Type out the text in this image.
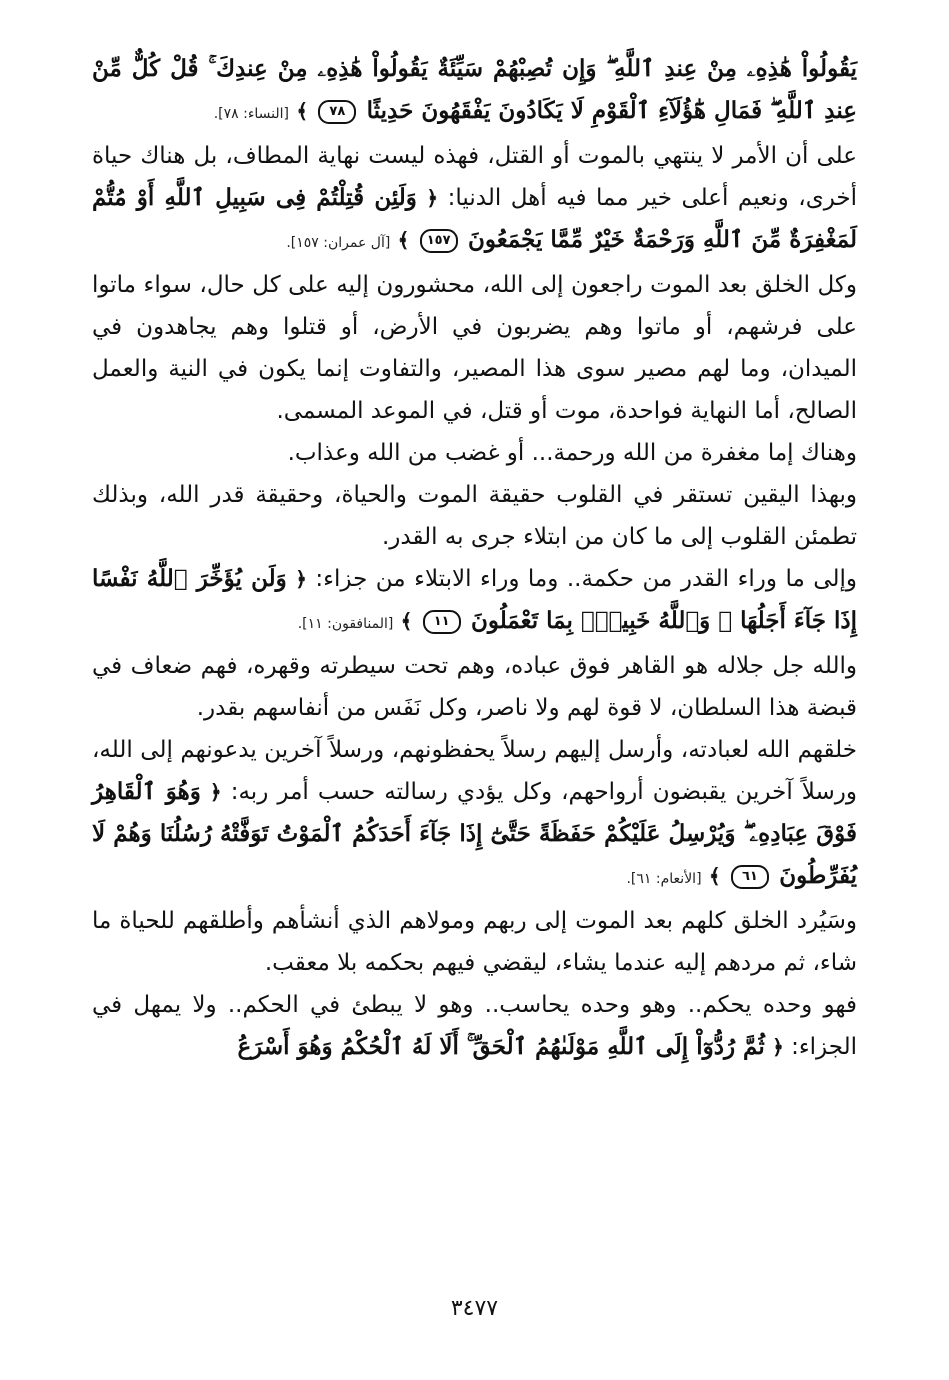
يَقُولُواْ هَٰذِهِۦ مِنْ عِندِ ٱللَّهِ ۖ وَإِن تُصِبْهُمْ سَيِّئَةٌ يَقُولُواْ هَٰذِهِۦ مِنْ عِندِكَ ۚ قُلْ كُلٌّ مِّنْ عِندِ ٱللَّهِ ۖ فَمَالِ هَٰٓؤُلَآءِ ٱلْقَوْمِ لَا يَكَادُونَ يَفْقَهُونَ حَدِيثًا ٧٨ ﴾ [النساء: ٧٨].

على أن الأمر لا ينتهي بالموت أو القتل، فهذه ليست نهاية المطاف، بل هناك حياة أخرى، ونعيم أعلى خير مما فيه أهل الدنيا: ﴿ وَلَئِن قُتِلْتُمْ فِى سَبِيلِ ٱللَّهِ أَوْ مُتُّمْ لَمَغْفِرَةٌ مِّنَ ٱللَّهِ وَرَحْمَةٌ خَيْرٌ مِّمَّا يَجْمَعُونَ ١٥٧ ﴾ [آل عمران: ١٥٧].

وكل الخلق بعد الموت راجعون إلى الله، محشورون إليه على كل حال، سواء ماتوا على فرشهم، أو ماتوا وهم يضربون في الأرض، أو قتلوا وهم يجاهدون في الميدان، وما لهم مصير سوى هذا المصير، والتفاوت إنما يكون في النية والعمل الصالح، أما النهاية فواحدة، موت أو قتل، في الموعد المسمى.

وهناك إما مغفرة من الله ورحمة... أو غضب من الله وعذاب.

وبهذا اليقين تستقر في القلوب حقيقة الموت والحياة، وحقيقة قدر الله، وبذلك تطمئن القلوب إلى ما كان من ابتلاء جرى به القدر.

وإلى ما وراء القدر من حكمة.. وما وراء الابتلاء من جزاء: ﴿ وَلَن يُؤَخِّرَ ٱللَّهُ نَفْسًا إِذَا جَآءَ أَجَلُهَا ۚ وَٱللَّهُ خَبِيرٌۢ بِمَا تَعْمَلُونَ ١١ ﴾ [المنافقون: ١١].

والله جل جلاله هو القاهر فوق عباده، وهم تحت سيطرته وقهره، فهم ضعاف في قبضة هذا السلطان، لا قوة لهم ولا ناصر، وكل نَفَس من أنفاسهم بقدر.

خلقهم الله لعبادته، وأرسل إليهم رسلاً يحفظونهم، ورسلاً آخرين يدعونهم إلى الله، ورسلاً آخرين يقبضون أرواحهم، وكل يؤدي رسالته حسب أمر ربه: ﴿ وَهُوَ ٱلْقَاهِرُ فَوْقَ عِبَادِهِۦ ۖ وَيُرْسِلُ عَلَيْكُمْ حَفَظَةً حَتَّىٰٓ إِذَا جَآءَ أَحَدَكُمُ ٱلْمَوْتُ تَوَفَّتْهُ رُسُلُنَا وَهُمْ لَا يُفَرِّطُونَ ٦١ ﴾ [الأنعام: ٦١].

وسَيُرد الخلق كلهم بعد الموت إلى ربهم ومولاهم الذي أنشأهم وأطلقهم للحياة ما شاء، ثم مردهم إليه عندما يشاء، ليقضي فيهم بحكمه بلا معقب.

فهو وحده يحكم.. وهو وحده يحاسب.. وهو لا يبطئ في الحكم.. ولا يمهل في الجزاء: ﴿ ثُمَّ رُدُّوٓاْ إِلَى ٱللَّهِ مَوْلَىٰهُمُ ٱلْحَقِّ ۚ أَلَا لَهُ ٱلْحُكْمُ وَهُوَ أَسْرَعُ

٣٤٧٧
